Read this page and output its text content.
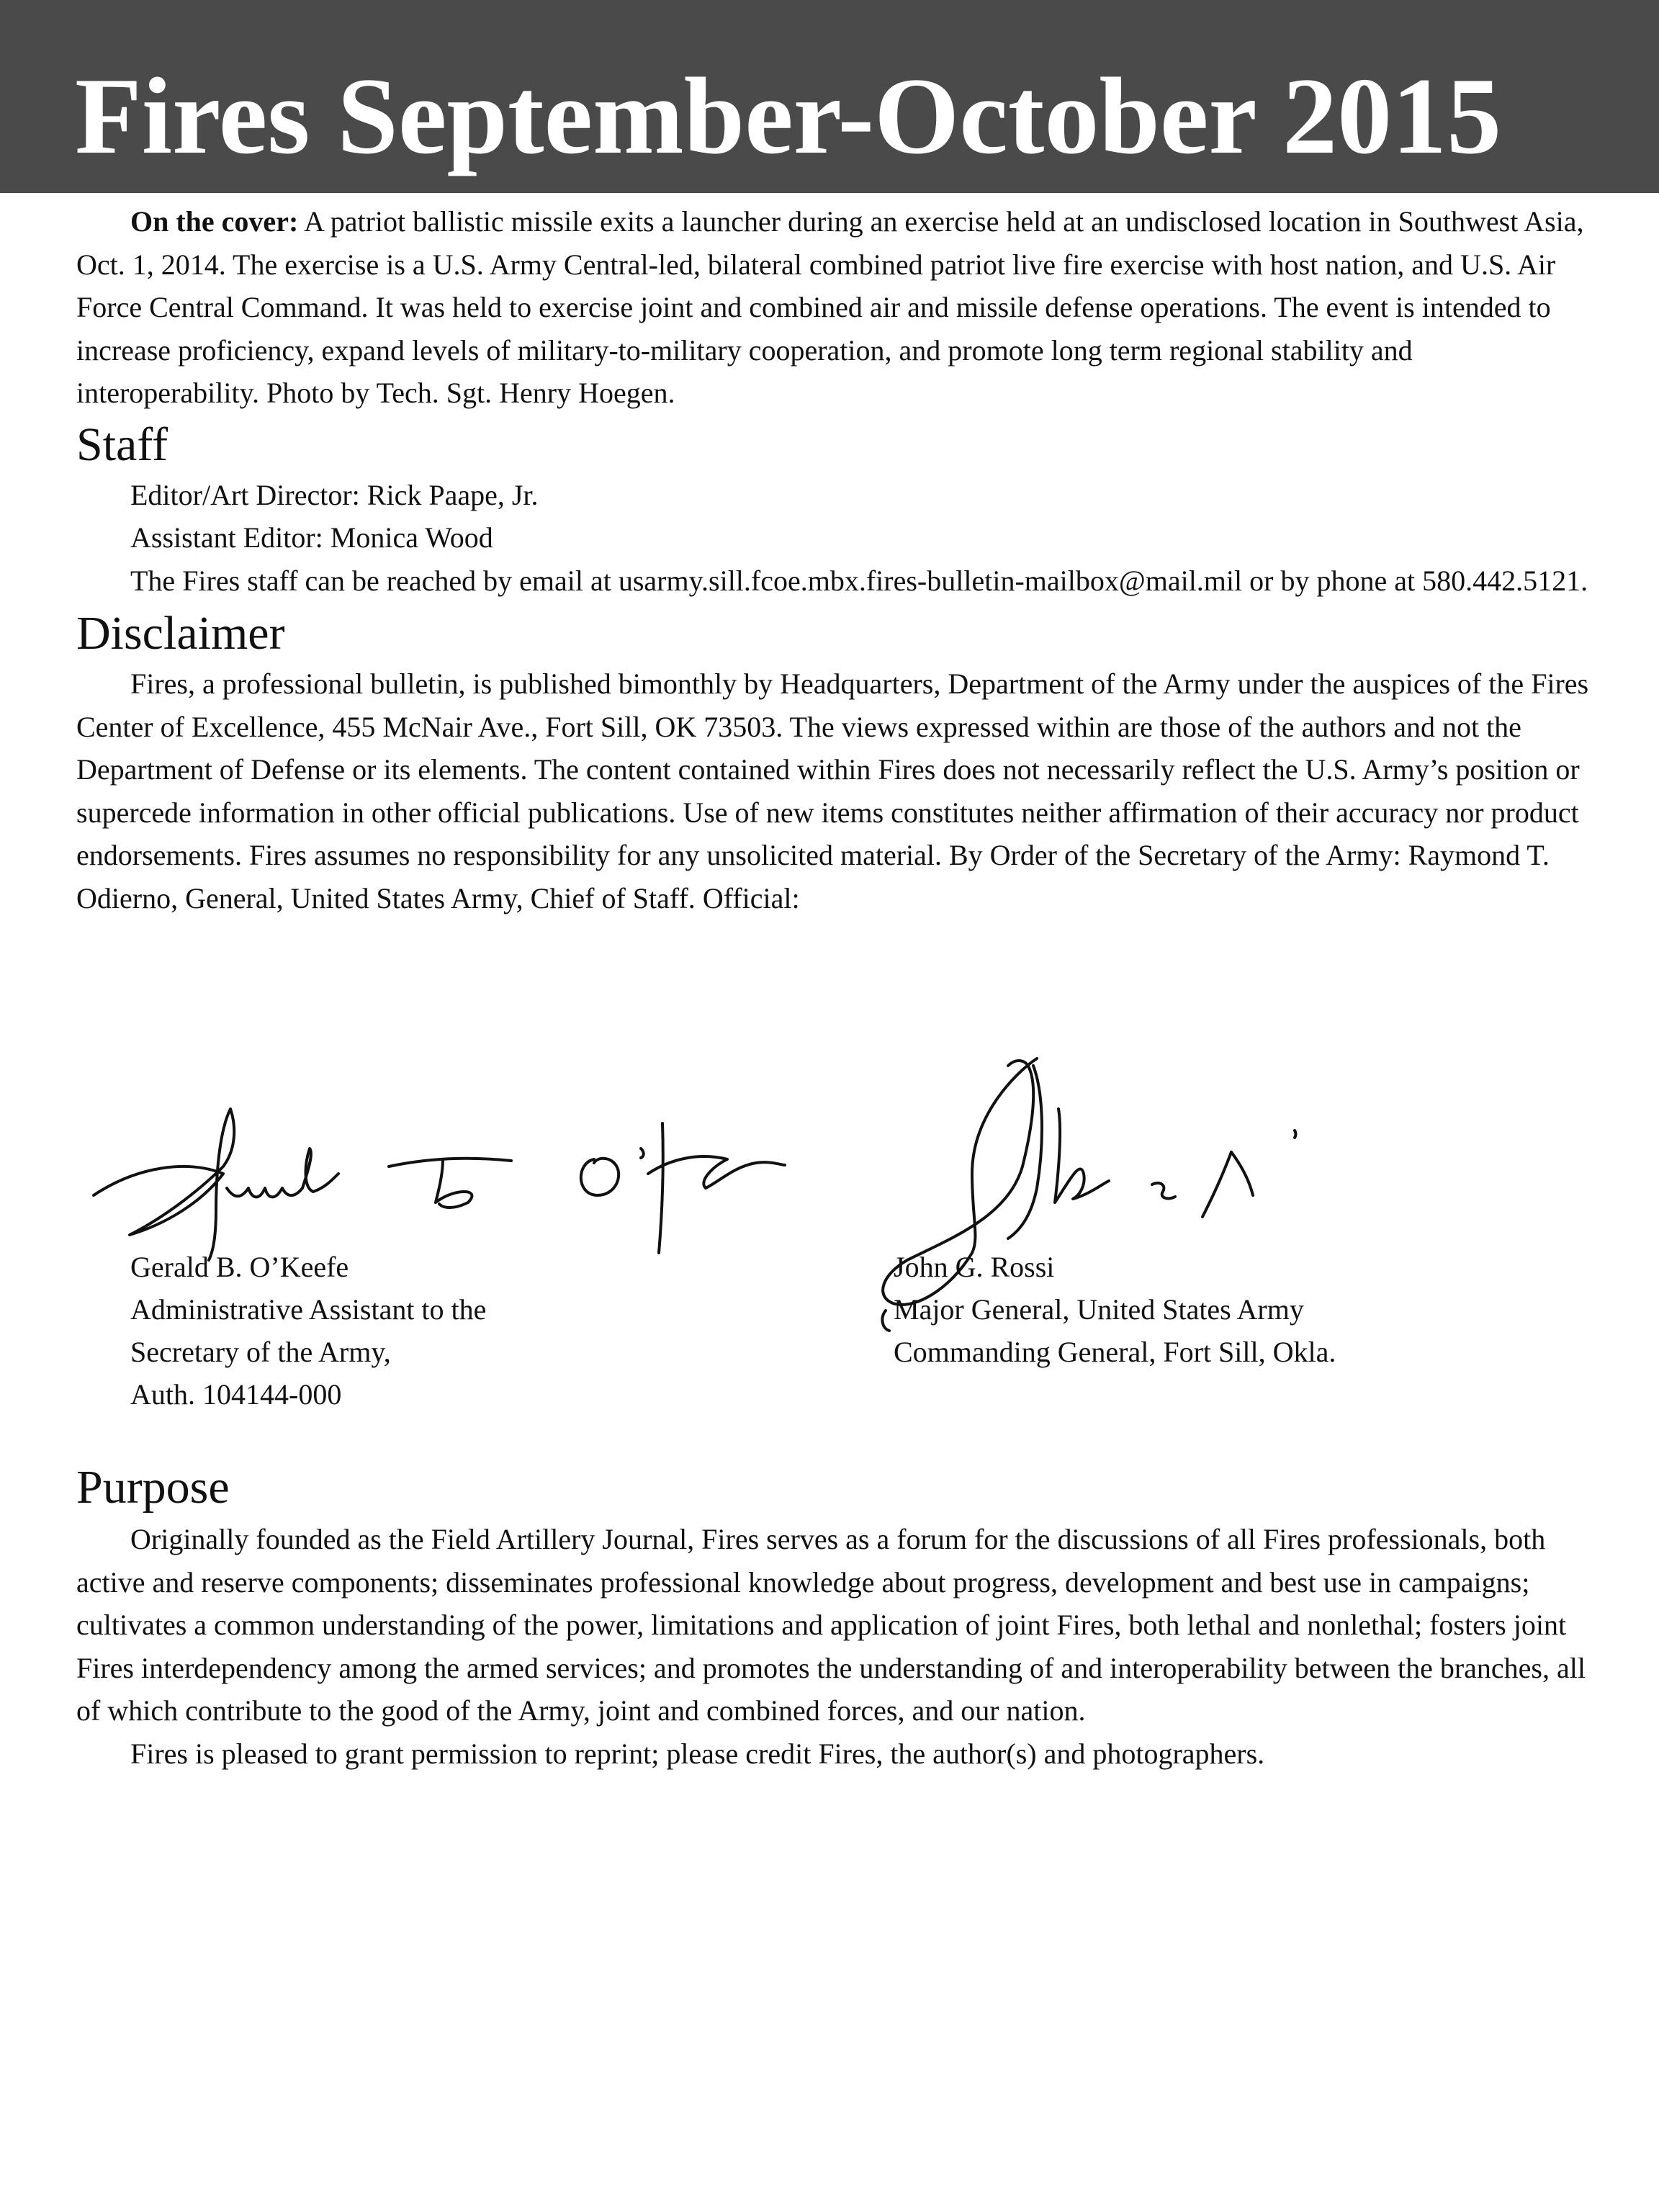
Fires September-October 2015

On the cover: A patriot ballistic missile exits a launcher during an exercise held at an undisclosed location in Southwest Asia, Oct. 1, 2014. The exercise is a U.S. Army Central-led, bilateral combined patriot live fire exercise with host nation, and U.S. Air Force Central Command. It was held to exercise joint and combined air and missile defense operations. The event is intended to increase proficiency, expand levels of military-to-military cooperation, and promote long term regional stability and interoperability. Photo by Tech. Sgt. Henry Hoegen.

Staff

Editor/Art Director: Rick Paape, Jr.

Assistant Editor: Monica Wood

The Fires staff can be reached by email at usarmy.sill.fcoe.mbx.fires-bulletin-mailbox@mail.mil or by phone at 580.442.5121.

Disclaimer

Fires, a professional bulletin, is published bimonthly by Headquarters, Department of the Army under the auspices of the Fires Center of Excellence, 455 McNair Ave., Fort Sill, OK 73503. The views expressed within are those of the authors and not the Department of Defense or its elements. The content contained within Fires does not necessarily reflect the U.S. Army’s position or supercede information in other official publications. Use of new items constitutes neither affirmation of their accuracy nor product endorsements. Fires assumes no responsibility for any unsolicited material. By Order of the Secretary of the Army: Raymond T. Odierno, General, United States Army, Chief of Staff. Official:

Gerald B. O’Keefe
Administrative Assistant to the
Secretary of the Army,
Auth. 104144-000
John G. Rossi
Major General, United States Army
Commanding General, Fort Sill, Okla.
Purpose

Originally founded as the Field Artillery Journal, Fires serves as a forum for the discussions of all Fires professionals, both active and reserve components; disseminates professional knowledge about progress, development and best use in campaigns; cultivates a common understanding of the power, limitations and application of joint Fires, both lethal and nonlethal; fosters joint Fires interdependency among the armed services; and promotes the understanding of and interoperability between the branches, all of which contribute to the good of the Army, joint and combined forces, and our nation.

Fires is pleased to grant permission to reprint; please credit Fires, the author(s) and photographers.
